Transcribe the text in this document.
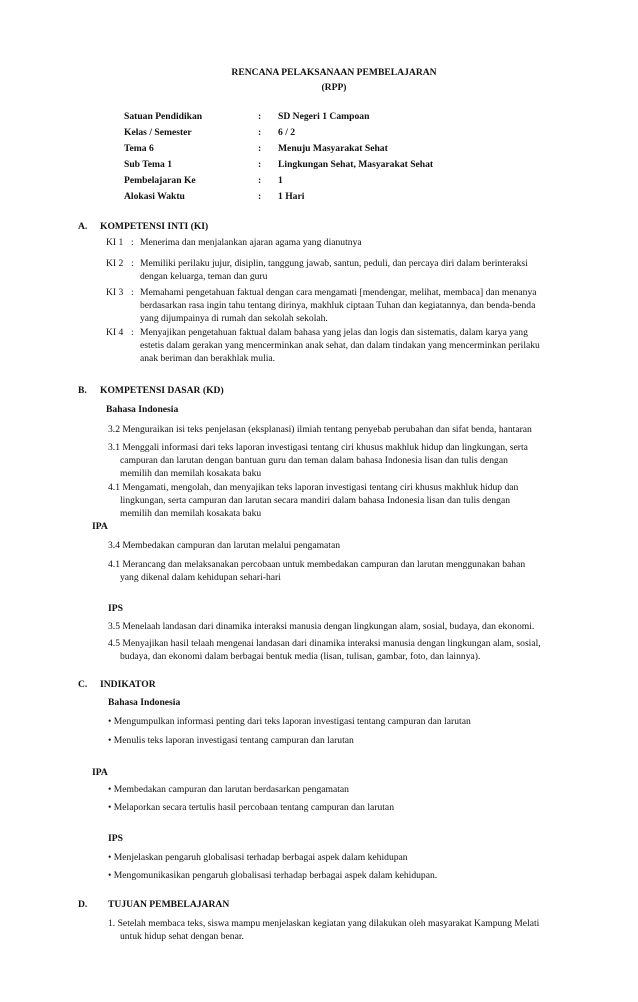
RENCANA PELAKSANAAN PEMBELAJARAN
(RPP)
Satuan Pendidikan	: SD Negeri 1 Campoan
Kelas / Semester	: 6 / 2
Tema 6	: Menuju Masyarakat Sehat
Sub Tema 1	: Lingkungan Sehat, Masyarakat Sehat
Pembelajaran Ke	: 1
Alokasi Waktu	: 1 Hari
A. KOMPETENSI INTI (KI)
KI 1 : Menerima dan menjalankan ajaran agama yang dianutnya
KI 2 : Memiliki perilaku jujur, disiplin, tanggung jawab, santun, peduli, dan percaya diri dalam berinteraksi
dengan keluarga, teman dan guru
KI 3 : Memahami pengetahuan faktual dengan cara mengamati [mendengar, melihat, membaca] dan menanya
berdasarkan rasa ingin tahu tentang dirinya, makhluk ciptaan Tuhan dan kegiatannya, dan benda-benda
yang dijumpainya di rumah dan sekolah sekolah.
KI 4 : Menyajikan pengetahuan faktual dalam bahasa yang jelas dan logis dan sistematis, dalam karya yang
estetis dalam gerakan yang mencerminkan anak sehat, dan dalam tindakan yang mencerminkan perilaku
anak beriman dan berakhlak mulia.
B. KOMPETENSI DASAR (KD)
Bahasa Indonesia
3.2 Menguraikan isi teks penjelasan (eksplanasi) ilmiah tentang penyebab perubahan dan sifat benda, hantaran
3.1 Menggali informasi dari teks laporan investigasi tentang ciri khusus makhluk hidup dan lingkungan, serta
campuran dan larutan dengan bantuan guru dan teman dalam bahasa Indonesia lisan dan tulis dengan
memilih dan memilah kosakata baku
4.1 Mengamati, mengolah, dan menyajikan teks laporan investigasi tentang ciri khusus makhluk hidup dan
lingkungan, serta campuran dan larutan secara mandiri dalam bahasa Indonesia lisan dan tulis dengan
memilih dan memilah kosakata baku
IPA
3.4 Membedakan campuran dan larutan melalui pengamatan
4.1 Merancang dan melaksanakan percobaan untuk membedakan campuran dan larutan menggunakan bahan
yang dikenal dalam kehidupan sehari-hari
IPS
3.5 Menelaah landasan dari dinamika interaksi manusia dengan lingkungan alam, sosial, budaya, dan ekonomi.
4.5 Menyajikan hasil telaah mengenai landasan dari dinamika interaksi manusia dengan lingkungan alam, sosial,
budaya, dan ekonomi dalam berbagai bentuk media (lisan, tulisan, gambar, foto, dan lainnya).
C. INDIKATOR
Bahasa Indonesia
• Mengumpulkan informasi penting dari teks laporan investigasi tentang campuran dan larutan
• Menulis teks laporan investigasi tentang campuran dan larutan
IPA
• Membedakan campuran dan larutan berdasarkan pengamatan
• Melaporkan secara tertulis hasil percobaan tentang campuran dan larutan
IPS
• Menjelaskan pengaruh globalisasi terhadap berbagai aspek dalam kehidupan
• Mengomunikasikan pengaruh globalisasi terhadap berbagai aspek dalam kehidupan.
D. TUJUAN PEMBELAJARAN
1. Setelah membaca teks, siswa mampu menjelaskan kegiatan yang dilakukan oleh masyarakat Kampung Melati
untuk hidup sehat dengan benar.
